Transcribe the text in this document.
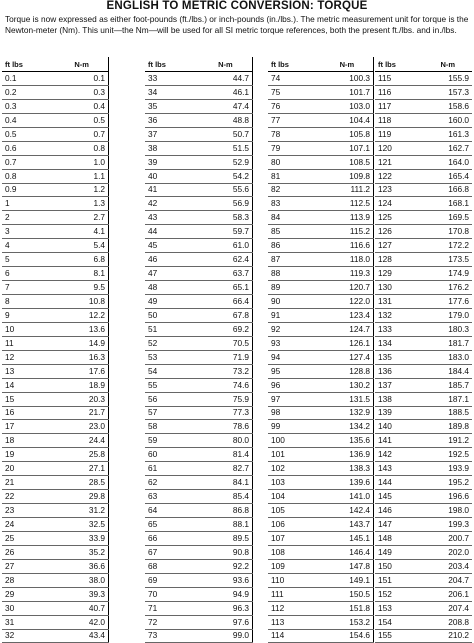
ENGLISH TO METRIC CONVERSION: TORQUE

Torque is now expressed as either foot-pounds (ft./lbs.) or inch-pounds (in./lbs.). The metric measurement unit for torque is the Newton-meter (Nm). This unit—the Nm—will be used for all SI metric torque references, both the present ft./lbs. and in./lbs.

ft lbs	N-m
0.1	0.1
0.2	0.3
0.3	0.4
0.4	0.5
0.5	0.7
0.6	0.8
0.7	1.0
0.8	1.1
0.9	1.2
1	1.3
2	2.7
3	4.1
4	5.4
5	6.8
6	8.1
7	9.5
8	10.8
9	12.2
10	13.6
11	14.9
12	16.3
13	17.6
14	18.9
15	20.3
16	21.7
17	23.0
18	24.4
19	25.8
20	27.1
21	28.5
22	29.8
23	31.2
24	32.5
25	33.9
26	35.2
27	36.6
28	38.0
29	39.3
30	40.7
31	42.0
32	43.4
ft lbs	N-m
33	44.7
34	46.1
35	47.4
36	48.8
37	50.7
38	51.5
39	52.9
40	54.2
41	55.6
42	56.9
43	58.3
44	59.7
45	61.0
46	62.4
47	63.7
48	65.1
49	66.4
50	67.8
51	69.2
52	70.5
53	71.9
54	73.2
55	74.6
56	75.9
57	77.3
58	78.6
59	80.0
60	81.4
61	82.7
62	84.1
63	85.4
64	86.8
65	88.1
66	89.5
67	90.8
68	92.2
69	93.6
70	94.9
71	96.3
72	97.6
73	99.0
ft lbs	N-m
74	100.3
75	101.7
76	103.0
77	104.4
78	105.8
79	107.1
80	108.5
81	109.8
82	111.2
83	112.5
84	113.9
85	115.2
86	116.6
87	118.0
88	119.3
89	120.7
90	122.0
91	123.4
92	124.7
93	126.1
94	127.4
95	128.8
96	130.2
97	131.5
98	132.9
99	134.2
100	135.6
101	136.9
102	138.3
103	139.6
104	141.0
105	142.4
106	143.7
107	145.1
108	146.4
109	147.8
110	149.1
111	150.5
112	151.8
113	153.2
114	154.6
ft lbs	N-m
115	155.9
116	157.3
117	158.6
118	160.0
119	161.3
120	162.7
121	164.0
122	165.4
123	166.8
124	168.1
125	169.5
126	170.8
127	172.2
128	173.5
129	174.9
130	176.2
131	177.6
132	179.0
133	180.3
134	181.7
135	183.0
136	184.4
137	185.7
138	187.1
139	188.5
140	189.8
141	191.2
142	192.5
143	193.9
144	195.2
145	196.6
146	198.0
147	199.3
148	200.7
149	202.0
150	203.4
151	204.7
152	206.1
153	207.4
154	208.8
155	210.2
